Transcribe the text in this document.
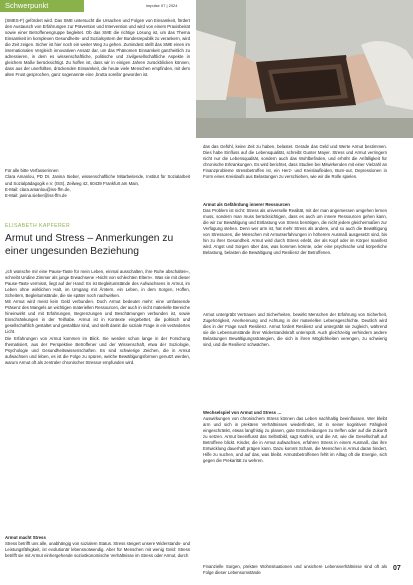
Schwerpunkt	impulse 07 | 2024

(SMES-F) gefördert wird. Das SME untersucht die Ursachen und Folgen von Einsamkeit, fördert den Austausch von Erfahrungen zur Prävention und Intervention und wird von einem Praxisbeirat sowie einer Betroffenengruppe begleitet. Ob das SME die richtige Lösung ist, um das Thema Einsamkeit im komplexen Gesundheits- und Sozialsystem der Bundesrepublik zu verankern, wird die Zeit zeigen. Sicher ist hier noch ein weiter Weg zu gehen. Zumindest stellt das SME einen im internationalen Vergleich innovativen Ansatz dar, um das Phänomen Einsamkeit ganzheitlich zu adressieren, in dem es wissenschaftliche, politische und zivilgesellschaftliche Aspekte in gleichem Maße berücksichtigt. Zu hoffen ist, dass wir in einigen Jahren zurückblicken können, dass aus der unerfüllten, drückenden Einsamkeit, die heute viele Menschen empfinden, mit dem alten Frust gesprochen, ganz sogenannte eine ,brutta sorella' geworden ist.

Für alle bitte Verfasserinnen

Clara Amanlou, PD Dr. Janina Sieber, wissenschaftliche Mitarbeitende, Institut für Sozialarbeit und Sozialpädagogik e.V. (ISS), Zeilweg 42, 60439 Frankfurt am Main,

E-Mail: clara.amanlou@iss-ffm.de,

E-Mail: janina.sieber@iss-ffm.de

ELISABETH KAPFERER
Armut und Stress – Anmerkungen zu einer ungesunden Beziehung

„Ich wünsche mir eine Pause-Taste für mein Leben, einmal ausschalten, ihre Ruhe abschalten«, schreibt Undine Zimmer als junge Erwachsene »Nicht von schlechten Eltern«. Was sie mit dieser Pause-Taste vermisst, liegt auf der Hand: Es ist Begleitumstände des Aufwachsens in Armut, im Leben ohne wirklichen Halt, im Umgang mit Ämtern, ein Leben, in dem Sorgen, Hoffen, Scheitern, Begleitumstände, die sie später noch nachwirken.

Mit Armut wird meist kein Geld verbunden. Doch Armut bedeutet mehr: eine umfassende Präsenz des Mangels an wichtigen materiellen Ressourcen, der auch in nicht materielle Bereiche hineinwirkt und mit Erfahrungen, Begrenzungen und Beschämungen verbunden ist, sowie Einschränkungen in der Teilhabe. Armut ist in Kontexte eingebettet, die politisch und gesellschaftlich gestaltet und gestaltbar sind, und stellt damit die soziale Frage in ein verändertes Licht.

Die Erfahrungen von Armut kommen im Blick. Sie werden schon lange in der Forschung thematisiert, aus der Perspektive Betroffener und der Wissenschaft, etwa der Soziologie, Psychologie und Gesundheitswissenschaften. Es sind schwierige Zeichen, die in Armut aufwachsen und leben, es ist die Folge zu spüren, welche Bewältigungsformen genutzt werden, warum Armut oft als zentraler chronischer Stressor empfunden wird.

Armut macht Stress

Stress betrifft uns alle, unabhängig von sozialem Status. Stress steigert unsere Widerstands- und Leistungsfähigkeit, ist evolutionär lebensnotwendig. Aber für Menschen mit wenig Geld: Stress betrifft sie mit Armut einhergehende sozioökonomische Verhältnisse im Stress oder Armut, durch

das das Gefühl, keine Zeit zu haben, belastet. Gerade das Geld und Werte Armut bestimmen. Dies habe Einfluss auf die Lebensqualität, schreibt Gunter Mayer. Stress und Armut verringern nicht nur die Lebensqualität, sondern auch das Wohlbefinden, und erhöht die Anfälligkeit für chronische Erkrankungen. Es wird berichtet, dass Studien bei Mitwirkenden mit einer Vielzahl an Finanzprobleme stressbetroffen ist, ein Herz- und Kreislaufleiden, Burn-out, Depressionen in Form eines Kreislaufs aus Belastungen zu verschieben, wie wir die Rolle spielen.

Armut als Gefährdung innerer Ressourcen

Das Problem ist nicht: Stress als universelle Realität, mit der man angemessen umgehen lernen muss, sondern man muss berücksichtigen, dass es auch um innere Ressourcen gehen kann, die wir zur Bewältigung und Entlastung von Stress benötigen, die nicht jedem gleichermaßen zur Verfügung stehen. Denn wer arm ist, hat mehr Stress als andere, und so auch die Bewältigung von Stressoren, die Menschen mit Armutserfahrungen in höherem Ausmaß ausgesetzt sind, bis hin zu ihrer Gesundheit. Armut wird durch Stress erlebt, der als Kopf oder im Körper manifest wird. Angst und Sorgen über das, was kommen könnte, oder eine psychische und körperliche Belastung, belasten die Bewältigung und Resilienz der Betroffenen.

Armut untergräbt Vertrauen und Sicherheiten, bewirkt Menschen der Erfahrung von Sicherheit, Zugehörigkeit, Anerkennung und Achtung in der materiellen Lebensgeschichte. Deutlich wird dies in der Frage nach Resilienz. Armut fordert Resilienz und untergräbt sie zugleich, während sie die Lebensumstände ihrer Widerstandskraft unterspült. Auch gleichzeitig verhindern andere Belastungen Bewältigungsstrategien, die sich in ihren Möglichkeiten verengen, zu schwierig sind, und die Resilienz schwächen.

Wechselspiel von Armut und Stress …

Auswirkungen von chronischem Stress können das Leben nachhaltig beeinflussen. Wer bleibt arm und sich in prekären Verhältnissen wiederfindet, ist in seiner kognitiven Fähigkeit eingeschränkt, etwas langfristig zu planen, gute Entscheidungen zu treffen oder auf die Zukunft zu setzen. Armut beeinflusst das Selbstbild, sagt Kathrin, und die Art, wie die Gesellschaft auf Betroffene blickt. Kinder, die in Armut aufwachsen, erfahren Stress in einem Ausmaß, das ihre Entwicklung dauerhaft prägen kann. Dazu kommt Scham, die Menschen in Armut daran hindert, Hilfe zu suchen, und auf das, was bleibt. Armutsbetroffenen fehlt im Alltag oft die Energie, sich gegen die Prekarität zu wehren.

Finanzielle Sorgen, prekäre Wohnsituationen und unsichere Lebensverhältnisse sind oft als Folge dieser Lebensumstände

07
